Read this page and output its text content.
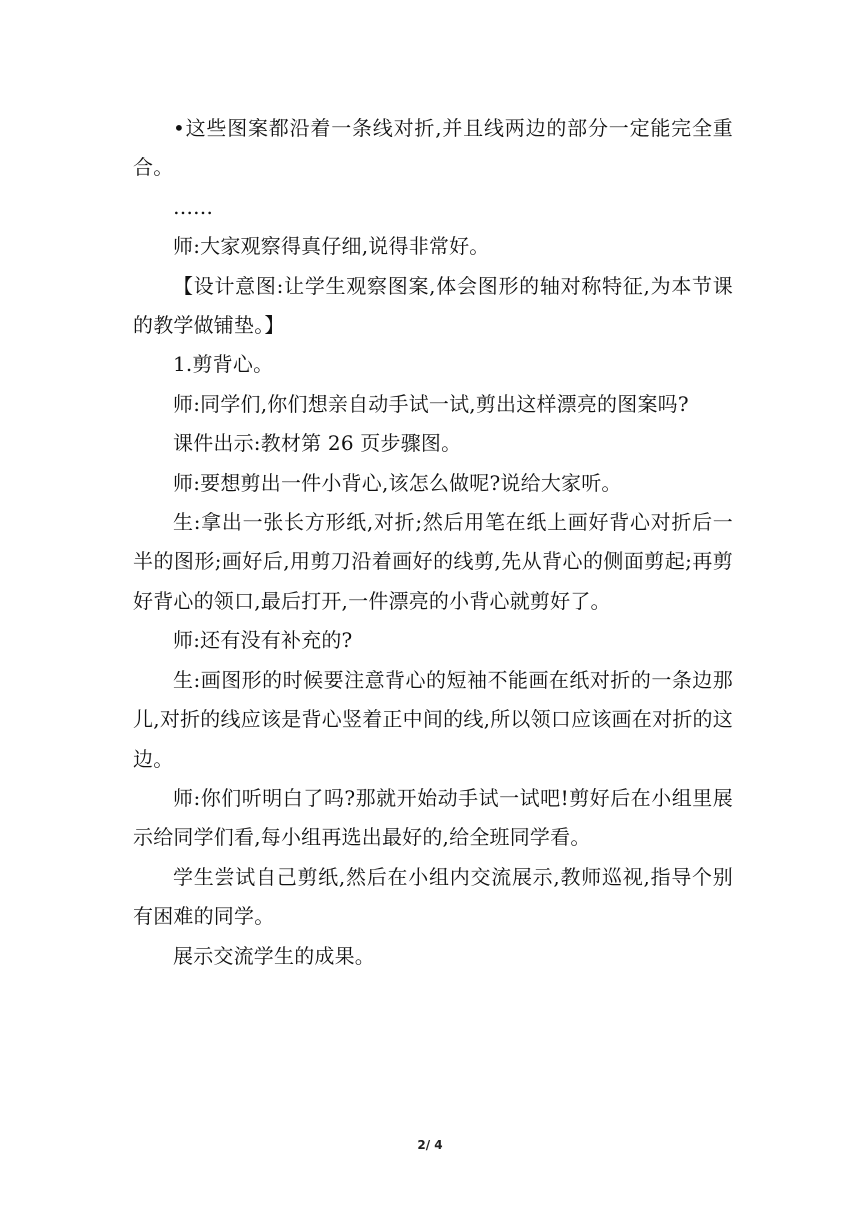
•这些图案都沿着一条线对折,并且线两边的部分一定能完全重合。

……

师:大家观察得真仔细,说得非常好。

【设计意图:让学生观察图案,体会图形的轴对称特征,为本节课的教学做铺垫。】

1.剪背心。

师:同学们,你们想亲自动手试一试,剪出这样漂亮的图案吗?

课件出示:教材第 26 页步骤图。

师:要想剪出一件小背心,该怎么做呢?说给大家听。

生:拿出一张长方形纸,对折;然后用笔在纸上画好背心对折后一半的图形;画好后,用剪刀沿着画好的线剪,先从背心的侧面剪起;再剪好背心的领口,最后打开,一件漂亮的小背心就剪好了。

师:还有没有补充的?

生:画图形的时候要注意背心的短袖不能画在纸对折的一条边那儿,对折的线应该是背心竖着正中间的线,所以领口应该画在对折的这边。

师:你们听明白了吗?那就开始动手试一试吧!剪好后在小组里展示给同学们看,每小组再选出最好的,给全班同学看。

学生尝试自己剪纸,然后在小组内交流展示,教师巡视,指导个别有困难的同学。

展示交流学生的成果。

2/ 4
